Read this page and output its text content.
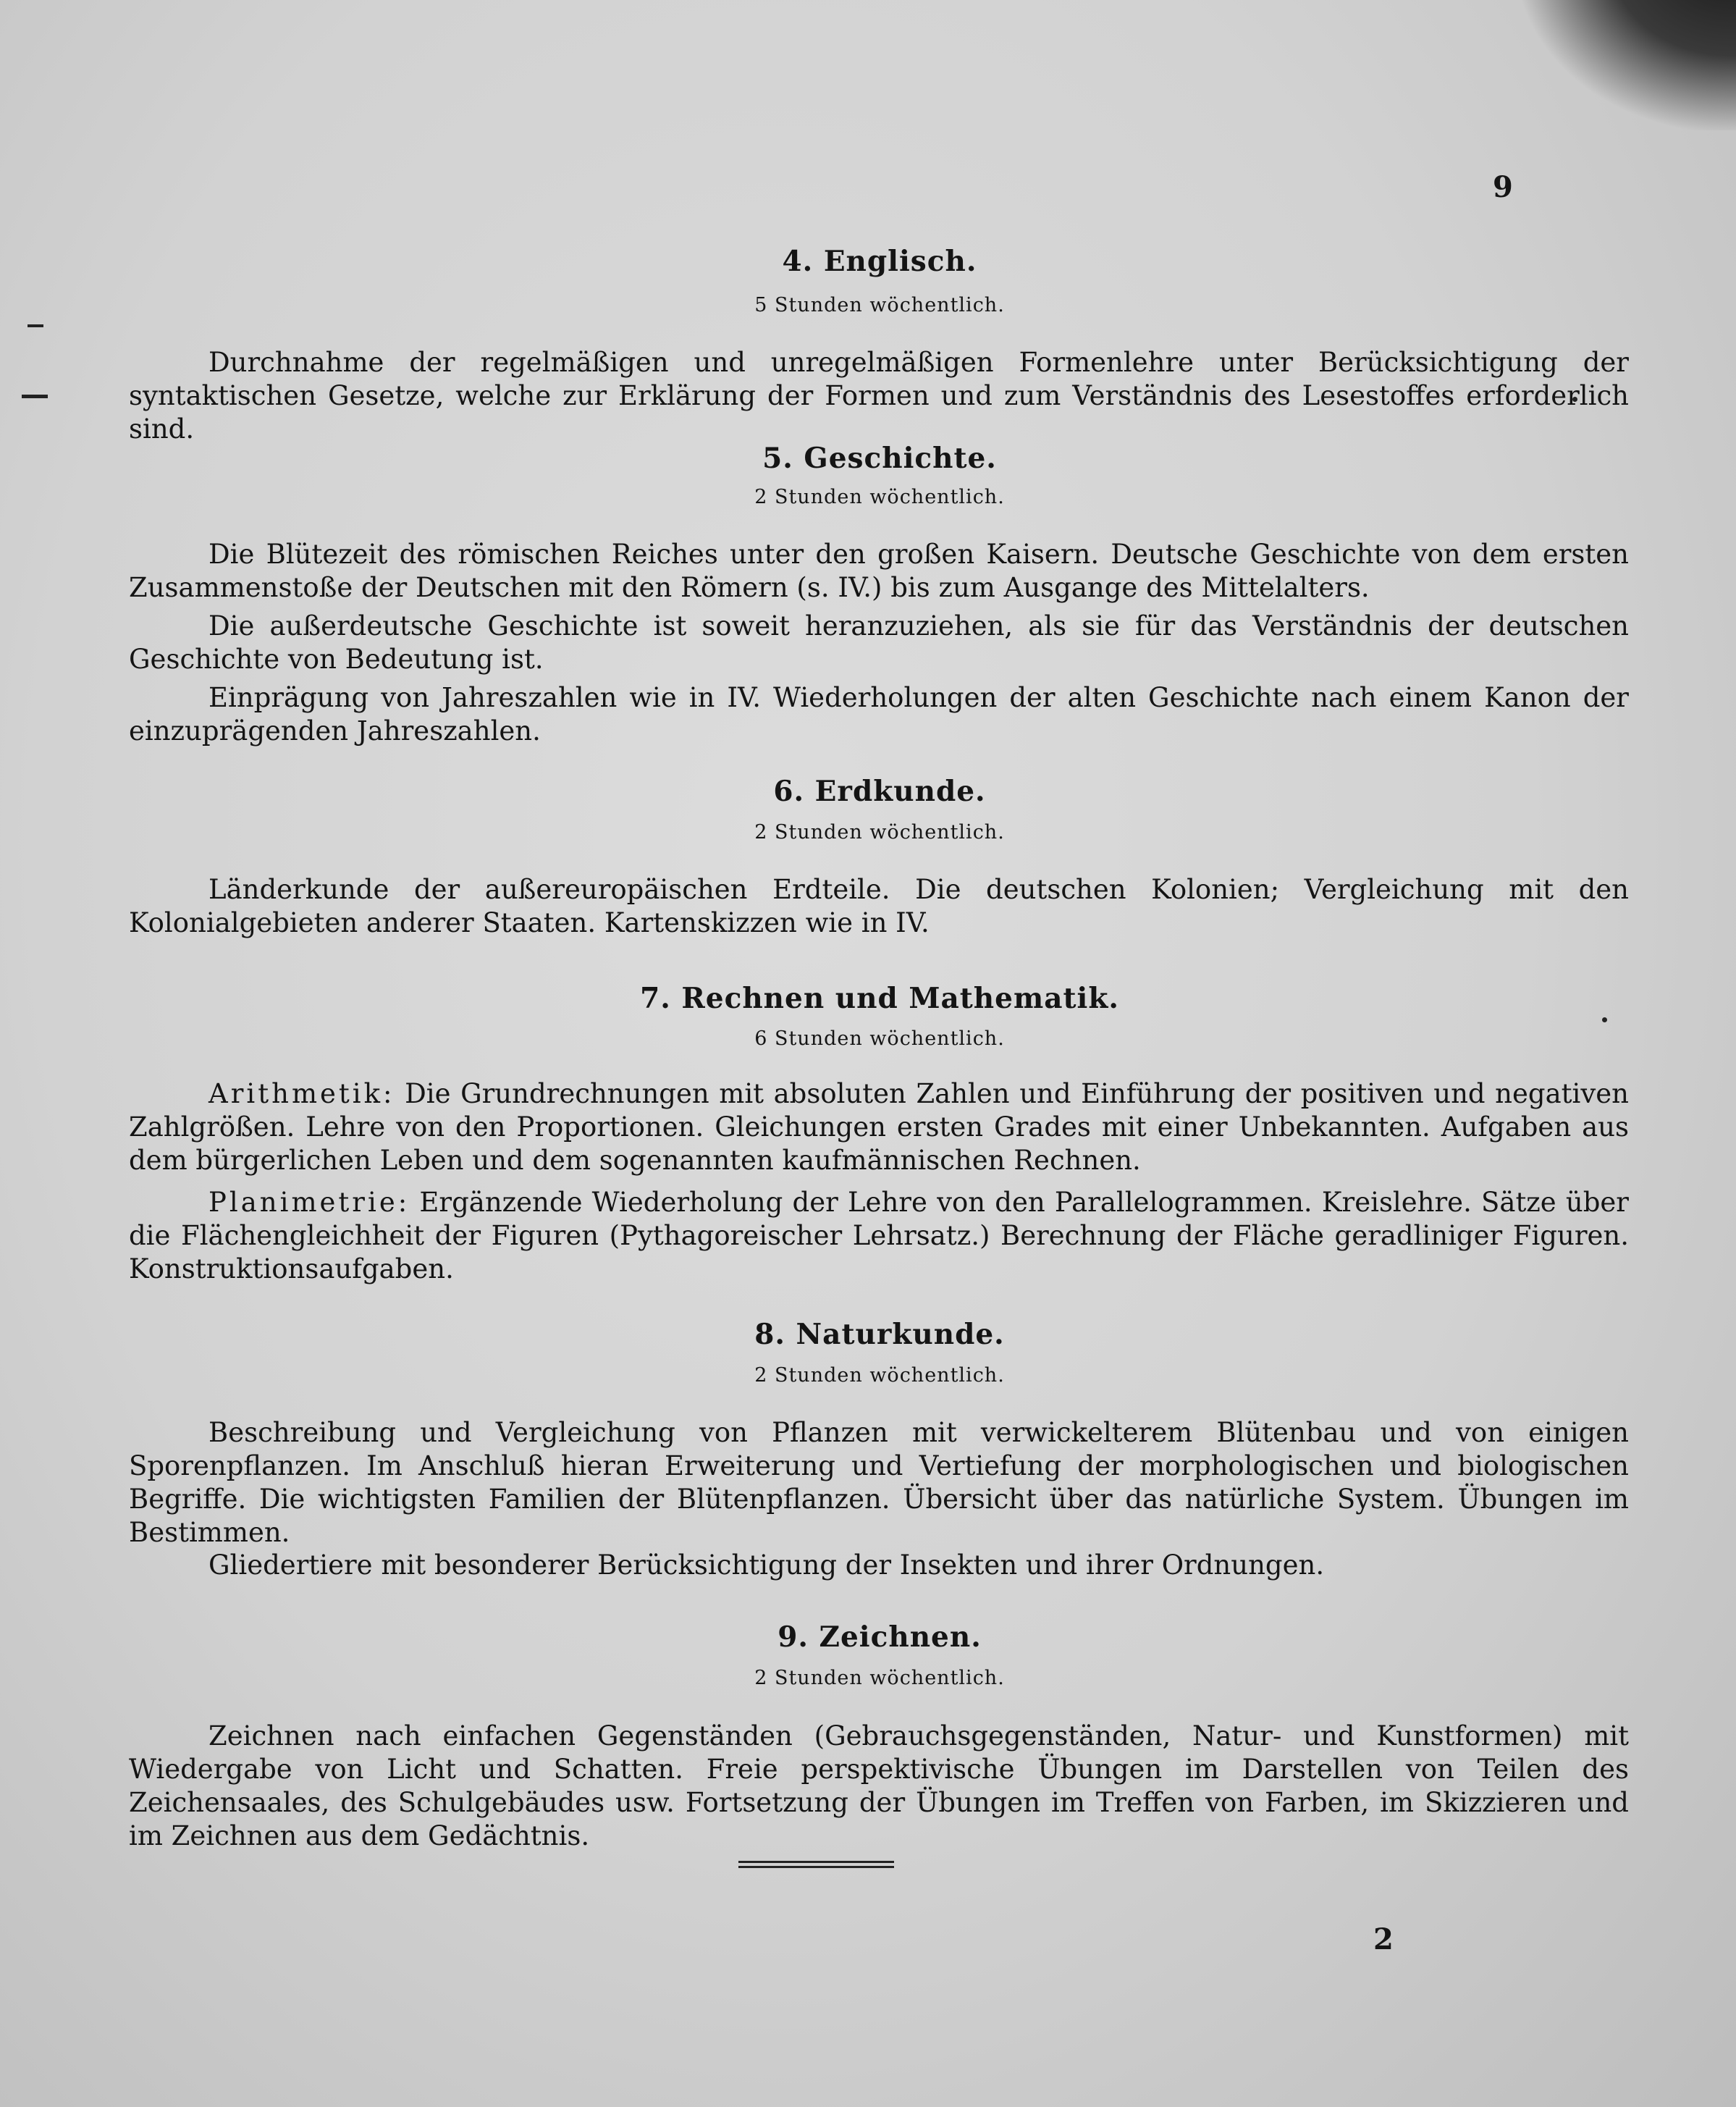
9
4. Englisch.
5 Stunden wöchentlich.
Durchnahme der regelmäßigen und unregelmäßigen Formenlehre unter Berücksichtigung der syntaktischen Gesetze, welche zur Erklärung der Formen und zum Verständnis des Lesestoffes erforderlich sind.
5. Geschichte.
2 Stunden wöchentlich.
Die Blütezeit des römischen Reiches unter den großen Kaisern. Deutsche Geschichte von dem ersten Zusammenstoße der Deutschen mit den Römern (s. IV.) bis zum Ausgange des Mittelalters.
Die außerdeutsche Geschichte ist soweit heranzuziehen, als sie für das Verständnis der deutschen Geschichte von Bedeutung ist.
Einprägung von Jahreszahlen wie in IV. Wiederholungen der alten Geschichte nach einem Kanon der einzuprägenden Jahreszahlen.
6. Erdkunde.
2 Stunden wöchentlich.
Länderkunde der außereuropäischen Erdteile. Die deutschen Kolonien; Vergleichung mit den Kolonialgebieten anderer Staaten. Kartenskizzen wie in IV.
7. Rechnen und Mathematik.
6 Stunden wöchentlich.
Arithmetik: Die Grundrechnungen mit absoluten Zahlen und Einführung der positiven und negativen Zahlgrößen. Lehre von den Proportionen. Gleichungen ersten Grades mit einer Unbekannten. Aufgaben aus dem bürgerlichen Leben und dem sogenannten kaufmännischen Rechnen.
Planimetrie: Ergänzende Wiederholung der Lehre von den Parallelogrammen. Kreislehre. Sätze über die Flächengleichheit der Figuren (Pythagoreischer Lehrsatz.) Berechnung der Fläche geradliniger Figuren. Konstruktionsaufgaben.
8. Naturkunde.
2 Stunden wöchentlich.
Beschreibung und Vergleichung von Pflanzen mit verwickelterem Blütenbau und von einigen Sporenpflanzen. Im Anschluß hieran Erweiterung und Vertiefung der morphologischen und biologischen Begriffe. Die wichtigsten Familien der Blütenpflanzen. Übersicht über das natürliche System. Übungen im Bestimmen.
Gliedertiere mit besonderer Berücksichtigung der Insekten und ihrer Ordnungen.
9. Zeichnen.
2 Stunden wöchentlich.
Zeichnen nach einfachen Gegenständen (Gebrauchsgegenständen, Natur- und Kunstformen) mit Wiedergabe von Licht und Schatten. Freie perspektivische Übungen im Darstellen von Teilen des Zeichensaales, des Schulgebäudes usw. Fortsetzung der Übungen im Treffen von Farben, im Skizzieren und im Zeichnen aus dem Gedächtnis.
2
